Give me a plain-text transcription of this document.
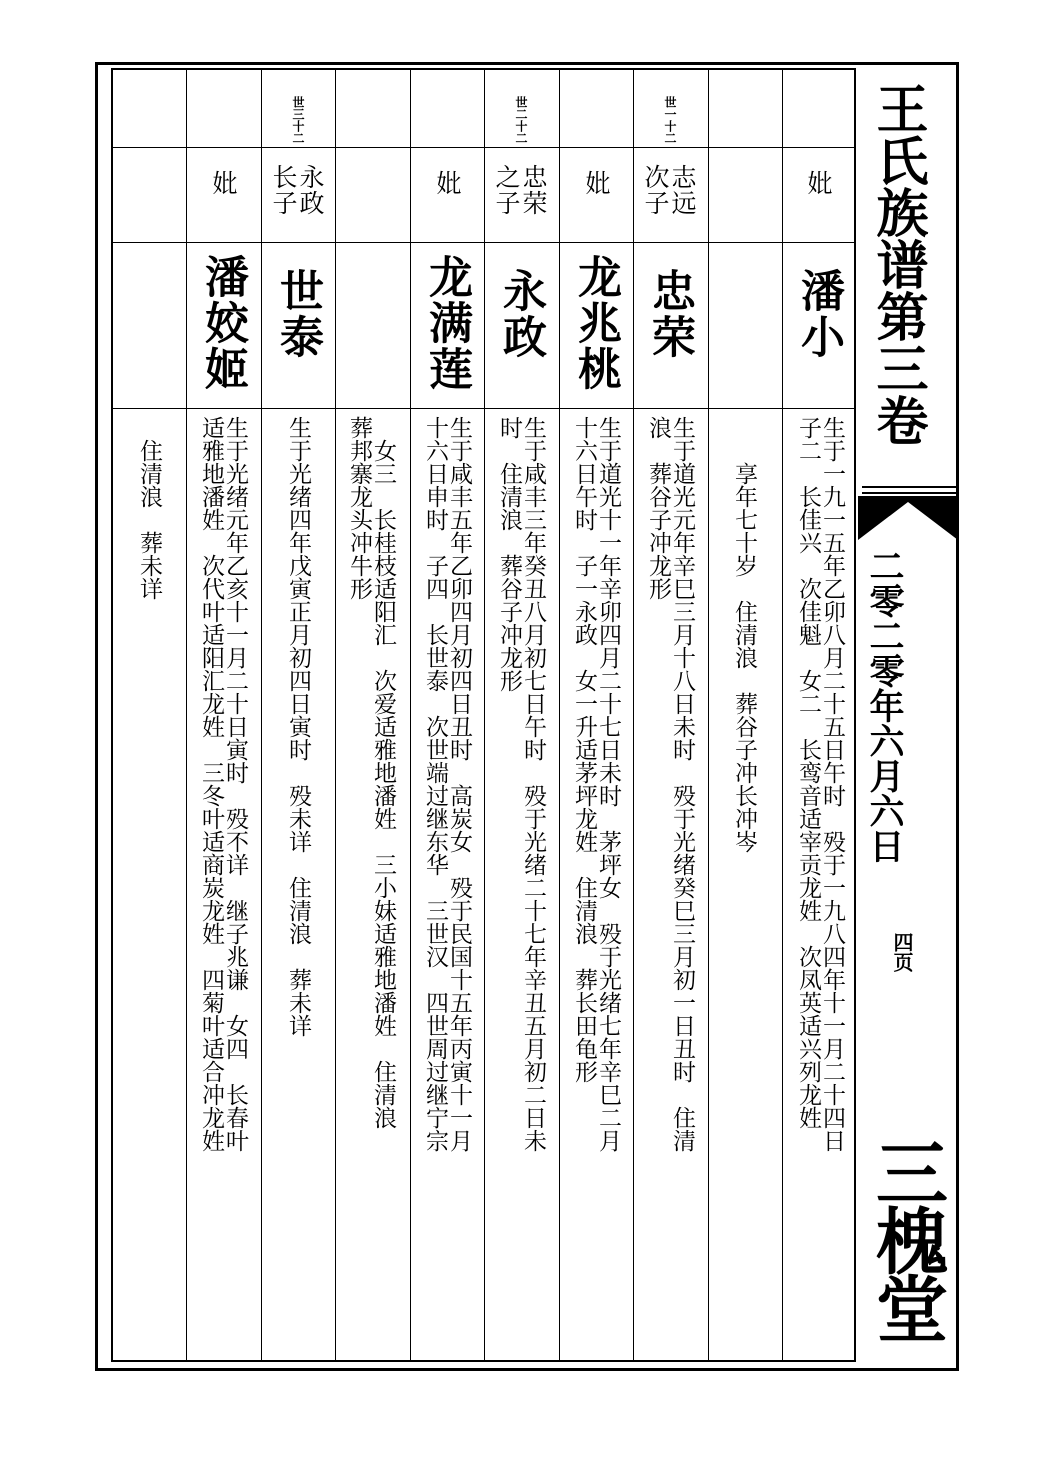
王氏族谱第三卷
二零二零年六月六日
四页
三槐堂
妣
潘小
生于一九一五年乙卯八月二十五日午时　殁于一九八四年十一月二十四日
子二　长佳兴　次佳魁　女二　长鸾音适宰贡龙姓　次凤英适兴列龙姓
　　享年七十岁　住清浪　葬谷子冲长冲岑
世一十二
志远
次子
忠荣
生于道光元年辛巳三月十八日未时　殁于光绪癸巳三月初一日丑时　住清
浪　葬谷子冲龙形
妣
龙兆桃
生于道光十一年辛卯四月二十七日未时　茅坪女　殁于光绪七年辛巳二月
十六日午时　子一永政　女一升适茅坪龙姓　住清浪　葬长田龟形
世二十二
忠荣
之子
永政
生于咸丰三年癸丑八月初七日午时　殁于光绪二十七年辛丑五月初二日未
时　住清浪　葬谷子冲龙形
妣
龙满莲
生于咸丰五年乙卯四月初四日丑时　高炭女　殁于民国十五年丙寅十一月
十六日申时　子四　长世泰　次世端过继东华　三世汉　四世周过继宁宗
　女三　长桂枝适阳汇　次爱适雅地潘姓　三小妹适雅地潘姓　住清浪
葬邦寨龙头冲牛形
世三十二
永政
长子
世泰
生于光绪四年戊寅正月初四日寅时　殁未详　住清浪　葬未详
妣
潘姣姬
生于光绪元年乙亥十一月二十日寅时　殁不详　继子兆谦　女四　长春叶
适雅地潘姓　次代叶适阳汇龙姓　三冬叶适商炭龙姓　四菊叶适合冲龙姓
　住清浪　葬未详
